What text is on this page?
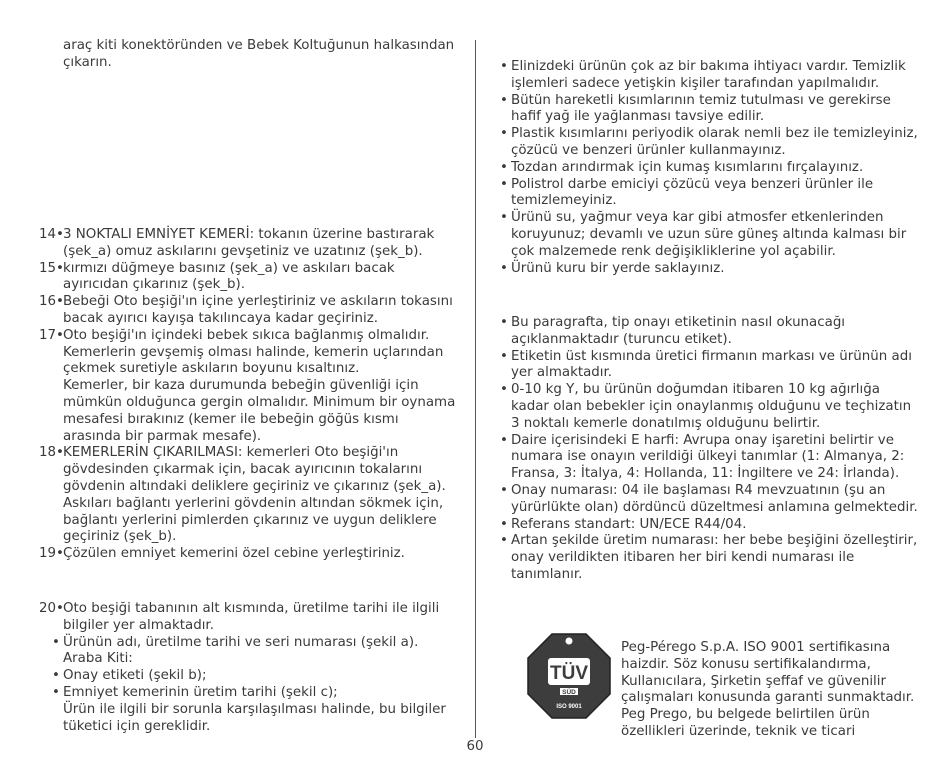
araç kiti konektöründen ve Bebek Koltuğunun halkasından çıkarın.

14• 3 NOKTALI EMNİYET KEMERİ: tokanın üzerine bastırarak (şek_a) omuz askılarını gevşetiniz ve uzatınız (şek_b).

15• kırmızı düğmeye basınız (şek_a) ve askıları bacak ayırıcıdan çıkarınız (şek_b).

16• Bebeği Oto beşiği'ın içine yerleştiriniz ve askıların tokasını bacak ayırıcı kayışa takılıncaya kadar geçiriniz.

17• Oto beşiği'ın içindeki bebek sıkıca bağlanmış olmalıdır. Kemerlerin gevşemiş olması halinde, kemerin uçlarından çekmek suretiyle askıların boyunu kısaltınız.

Kemerler, bir kaza durumunda bebeğin güvenliği için mümkün olduğunca gergin olmalıdır. Minimum bir oynama mesafesi bırakınız (kemer ile bebeğin göğüs kısmı arasında bir parmak mesafe).

18• KEMERLERİN ÇIKARILMASI: kemerleri Oto beşiği'ın gövdesinden çıkarmak için, bacak ayırıcının tokalarını gövdenin altındaki deliklere geçiriniz ve çıkarınız (şek_a).

Askıları bağlantı yerlerini gövdenin altından sökmek için, bağlantı yerlerini pimlerden çıkarınız ve uygun deliklere geçiriniz (şek_b).

19• Çözülen emniyet kemerini özel cebine yerleştiriniz.

20• Oto beşiği tabanının alt kısmında, üretilme tarihi ile ilgili bilgiler yer almaktadır.

• Ürünün adı, üretilme tarihi ve seri numarası (şekil a).

Araba Kiti:

• Onay etiketi (şekil b);

• Emniyet kemerinin üretim tarihi (şekil c);

Ürün ile ilgili bir sorunla karşılaşılması halinde, bu bilgiler tüketici için gereklidir.

• Elinizdeki ürünün çok az bir bakıma ihtiyacı vardır. Temizlik işlemleri sadece yetişkin kişiler tarafından yapılmalıdır.

• Bütün hareketli kısımlarının temiz tutulması ve gerekirse hafif yağ ile yağlanması tavsiye edilir.

• Plastik kısımlarını periyodik olarak nemli bez ile temizleyiniz, çözücü ve benzeri ürünler kullanmayınız.

• Tozdan arındırmak için kumaş kısımlarını fırçalayınız.

• Polistrol darbe emiciyi çözücü veya benzeri ürünler ile temizlemeyiniz.

• Ürünü su, yağmur veya kar gibi atmosfer etkenlerinden koruyunuz; devamlı ve uzun süre güneş altında kalması bir çok malzemede renk değişikliklerine yol açabilir.

• Ürünü kuru bir yerde saklayınız.

• Bu paragrafta, tip onayı etiketinin nasıl okunacağı açıklanmaktadır (turuncu etiket).

• Etiketin üst kısmında üretici firmanın markası ve ürünün adı yer almaktadır.

• 0-10 kg Y, bu ürünün doğumdan itibaren 10 kg ağırlığa kadar olan bebekler için onaylanmış olduğunu ve teçhizatın 3 noktalı kemerle donatılmış olduğunu belirtir.

• Daire içerisindeki E harfi: Avrupa onay işaretini belirtir ve numara ise onayın verildiği ülkeyi tanımlar (1: Almanya, 2: Fransa, 3: İtalya, 4: Hollanda, 11: İngiltere ve 24: İrlanda).

• Onay numarası: 04 ile başlaması R4 mevzuatının (şu an yürürlükte olan) dördüncü düzeltmesi anlamına gelmektedir.

• Referans standart: UN/ECE R44/04.

• Artan şekilde üretim numarası: her bebe beşiğini özelleştirir, onay verildikten itibaren her biri kendi numarası ile tanımlanır.

TÜV
SÜD
ISO 9001

Peg-Pérego S.p.A. ISO 9001 sertifikasına haizdir. Söz konusu sertifikalandırma, Kullanıcılara, Şirketin şeffaf ve güvenilir çalışmaları konusunda garanti sunmaktadır. Peg Prego, bu belgede belirtilen ürün özellikleri üzerinde, teknik ve ticari

60
